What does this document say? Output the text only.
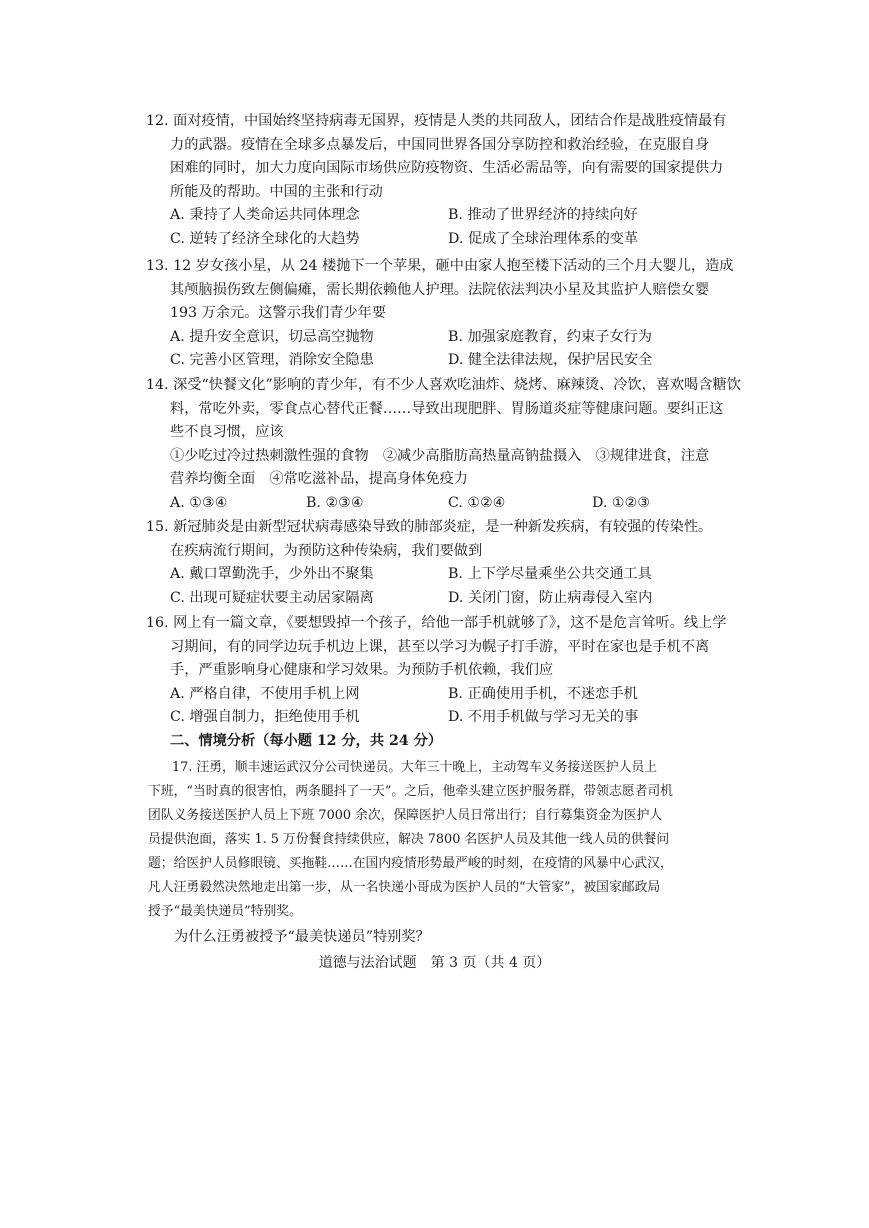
12. 面对疫情，中国始终坚持病毒无国界，疫情是人类的共同敌人，团结合作是战胜疫情最有
力的武器。疫情在全球多点暴发后，中国同世界各国分享防控和救治经验，在克服自身
困难的同时，加大力度向国际市场供应防疫物资、生活必需品等，向有需要的国家提供力
所能及的帮助。中国的主张和行动
A. 秉持了人类命运共同体理念	B. 推动了世界经济的持续向好
C. 逆转了经济全球化的大趋势	D. 促成了全球治理体系的变革
13. 12 岁女孩小星，从 24 楼抛下一个苹果，砸中由家人抱至楼下活动的三个月大婴儿，造成
其颅脑损伤致左侧偏瘫，需长期依赖他人护理。法院依法判决小星及其监护人赔偿女婴
193 万余元。这警示我们青少年要
A. 提升安全意识，切忌高空抛物	B. 加强家庭教育，约束子女行为
C. 完善小区管理，消除安全隐患	D. 健全法律法规，保护居民安全
14. 深受“快餐文化”影响的青少年，有不少人喜欢吃油炸、烧烤、麻辣烫、冷饮，喜欢喝含糖饮
料，常吃外卖，零食点心替代正餐……导致出现肥胖、胃肠道炎症等健康问题。要纠正这
些不良习惯，应该
①少吃过冷过热刺激性强的食物　②减少高脂肪高热量高钠盐摄入　③规律进食，注意
营养均衡全面　④常吃滋补品，提高身体免疫力
A. ①③④	B. ②③④	C. ①②④	D. ①②③
15. 新冠肺炎是由新型冠状病毒感染导致的肺部炎症，是一种新发疾病，有较强的传染性。
在疾病流行期间，为预防这种传染病，我们要做到
A. 戴口罩勤洗手，少外出不聚集	B. 上下学尽量乘坐公共交通工具
C. 出现可疑症状要主动居家隔离	D. 关闭门窗，防止病毒侵入室内
16. 网上有一篇文章，《要想毁掉一个孩子，给他一部手机就够了》，这不是危言耸听。线上学
习期间，有的同学边玩手机边上课，甚至以学习为幌子打手游，平时在家也是手机不离
手，严重影响身心健康和学习效果。为预防手机依赖，我们应
A. 严格自律，不使用手机上网	B. 正确使用手机，不迷恋手机
C. 增强自制力，拒绝使用手机	D. 不用手机做与学习无关的事
二、情境分析（每小题 12 分，共 24 分）
17. 汪勇，顺丰速运武汉分公司快递员。大年三十晚上，主动驾车义务接送医护人员上
下班，“当时真的很害怕，两条腿抖了一天”。之后，他牵头建立医护服务群，带领志愿者司机
团队义务接送医护人员上下班 7000 余次，保障医护人员日常出行；自行募集资金为医护人
员提供泡面，落实 1. 5 万份餐食持续供应，解决 7800 名医护人员及其他一线人员的供餐问
题；给医护人员修眼镜、买拖鞋……在国内疫情形势最严峻的时刻，在疫情的风暴中心武汉，
凡人汪勇毅然决然地走出第一步，从一名快递小哥成为医护人员的“大管家”，被国家邮政局
授予“最美快递员”特别奖。
为什么汪勇被授予“最美快递员”特别奖？
道德与法治试题　第 3 页（共 4 页）
